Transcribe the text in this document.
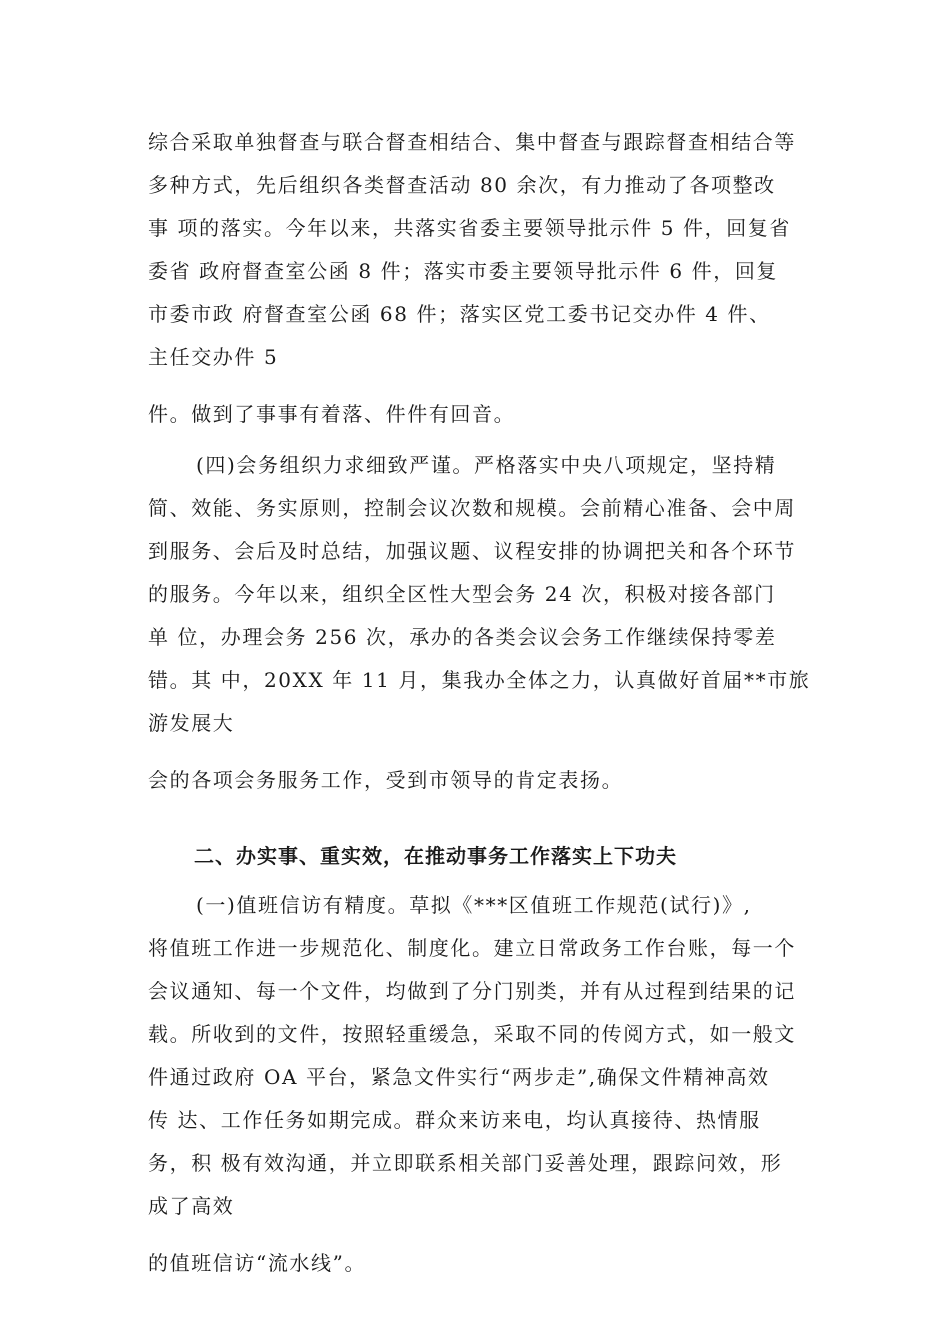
综合采取单独督查与联合督查相结合、集中督查与跟踪督查相结合等
多种方式，先后组织各类督查活动 80 余次，有力推动了各项整改
事 项的落实。今年以来，共落实省委主要领导批示件 5 件，回复省
委省 政府督查室公函 8 件；落实市委主要领导批示件 6 件，回复
市委市政 府督查室公函 68 件；落实区党工委书记交办件 4 件、
主任交办件 5
件。做到了事事有着落、件件有回音。
(四)会务组织力求细致严谨。严格落实中央八项规定，坚持精
简、效能、务实原则，控制会议次数和规模。会前精心准备、会中周
到服务、会后及时总结，加强议题、议程安排的协调把关和各个环节
的服务。今年以来，组织全区性大型会务 24 次，积极对接各部门
单 位，办理会务 256 次，承办的各类会议会务工作继续保持零差
错。其 中，20XX 年 11 月，集我办全体之力，认真做好首届**市旅
游发展大
会的各项会务服务工作，受到市领导的肯定表扬。
二、办实事、重实效，在推动事务工作落实上下功夫
(一)值班信访有精度。草拟《***区值班工作规范(试行)》,
将值班工作进一步规范化、制度化。建立日常政务工作台账，每一个
会议通知、每一个文件，均做到了分门别类，并有从过程到结果的记
载。所收到的文件，按照轻重缓急，采取不同的传阅方式，如一般文
件通过政府 OA 平台，紧急文件实行“两步走”,确保文件精神高效
传 达、工作任务如期完成。群众来访来电，均认真接待、热情服
务，积 极有效沟通，并立即联系相关部门妥善处理，跟踪问效，形
成了高效
的值班信访“流水线”。
